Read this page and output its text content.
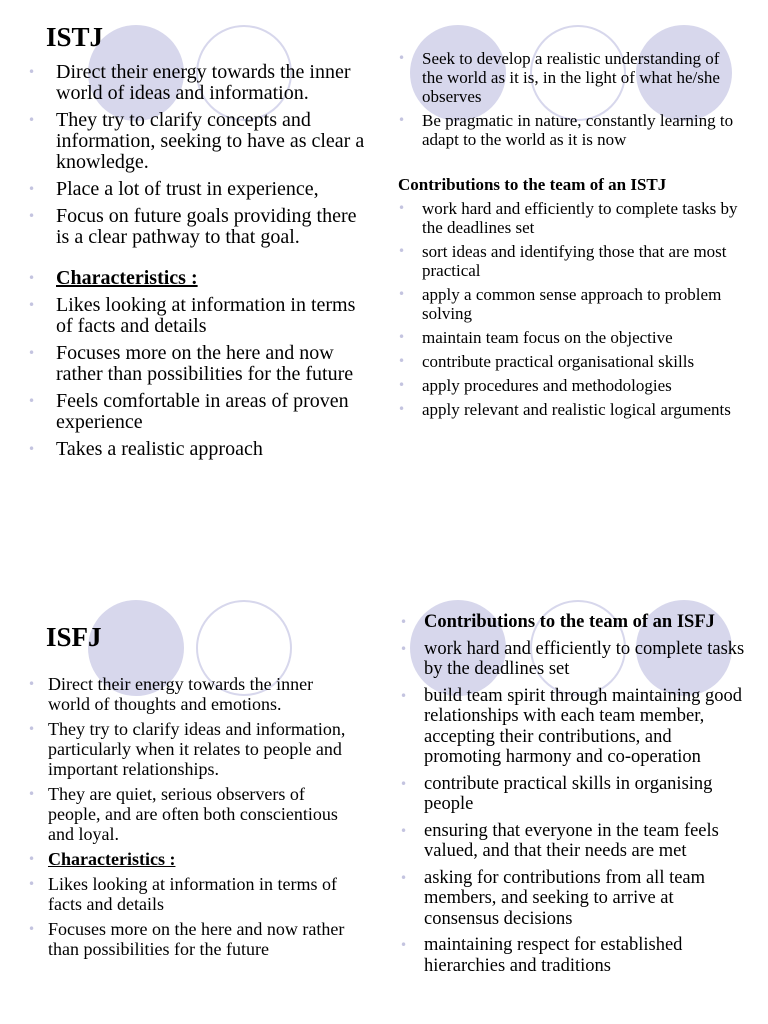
ISTJ
• Direct their energy towards the inner world of ideas and information.
• They try to clarify concepts and information, seeking to have as clear a knowledge.
• Place a lot of trust in experience,
• Focus on future goals providing there is a clear pathway to that goal.
• Characteristics :
• Likes looking at information in terms of facts and details
• Focuses more on the here and now rather than possibilities for the future
• Feels comfortable in areas of proven experience
• Takes a realistic approach
• Seek to develop a realistic understanding of the world as it is, in the light of what he/she observes
• Be pragmatic in nature, constantly learning to adapt to the world as it is now
Contributions to the team of an ISTJ
• work hard and efficiently to complete tasks by the deadlines set
• sort ideas and identifying those that are most practical
• apply a common sense approach to problem solving
• maintain team focus on the objective
• contribute practical organisational skills
• apply procedures and methodologies
• apply relevant and realistic logical arguments
ISFJ
• Direct their energy towards the inner world of thoughts and emotions.
• They try to clarify ideas and information, particularly when it relates to people and important relationships.
• They are quiet, serious observers of people, and are often both conscientious and loyal.
• Characteristics :
• Likes looking at information in terms of facts and details
• Focuses more on the here and now rather than possibilities for the future
• Contributions to the team of an ISFJ
• work hard and efficiently to complete tasks by the deadlines set
• build team spirit through maintaining good relationships with each team member, accepting their contributions, and promoting harmony and co-operation
• contribute practical skills in organising people
• ensuring that everyone in the team feels valued, and that their needs are met
• asking for contributions from all team members, and seeking to arrive at consensus decisions
• maintaining respect for established hierarchies and traditions
